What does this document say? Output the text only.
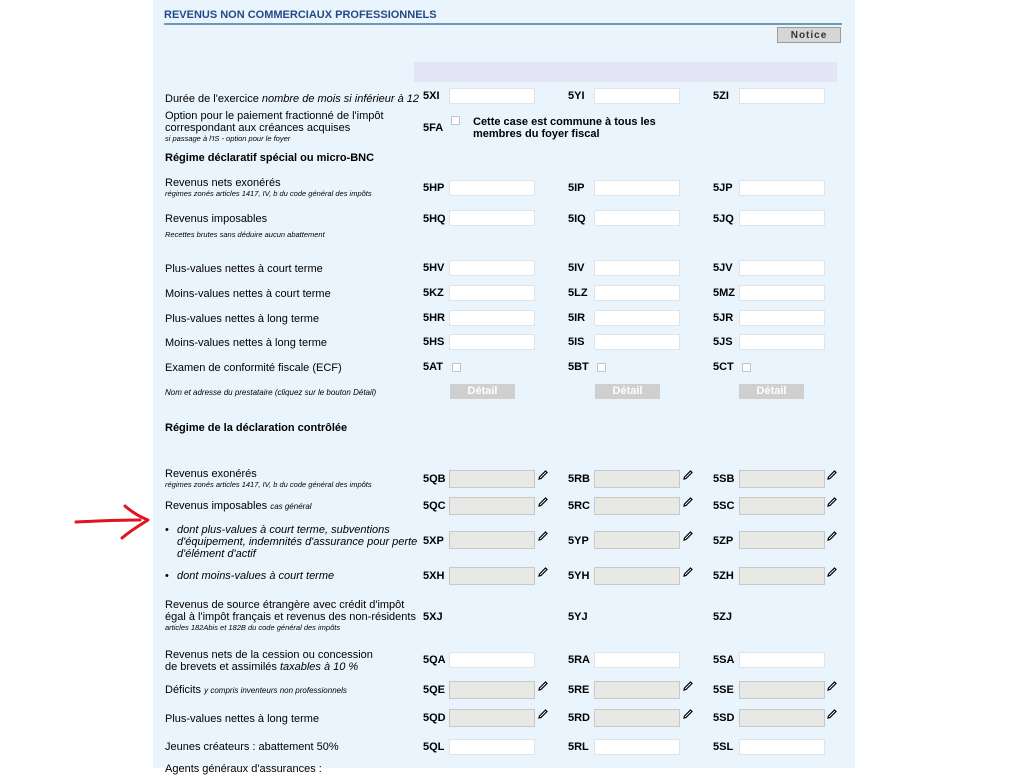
REVENUS NON COMMERCIAUX PROFESSIONNELS
Notice
Durée de l'exercice nombre de mois si inférieur à 12 5XI	5YI	5ZI
Option pour le paiement fractionné de l'impôt correspondant aux créances acquises
si passage à l'IS - option pour le foyer
5FA	Cette case est commune à tous les membres du foyer fiscal
Régime déclaratif spécial ou micro-BNC
Revenus nets exonérés
régimes zonés articles 1417, IV, b du code général des impôts	5HP	5IP	5JP
Revenus imposables
Recettes brutes sans déduire aucun abattement
5HQ	5IQ	5JQ
Plus-values nettes à court terme	5HV	5IV	5JV
Moins-values nettes à court terme	5KZ	5LZ	5MZ
Plus-values nettes à long terme	5HR	5IR	5JR
Moins-values nettes à long terme	5HS	5IS	5JS
Examen de conformité fiscale (ECF)	5AT	5BT	5CT
Nom et adresse du prestataire (cliquez sur le bouton Détail)	Détail	Détail	Détail
Régime de la déclaration contrôlée
Revenus exonérés
régimes zonés articles 1417, IV, b du code général des impôts	5QB	5RB	5SB
Revenus imposables cas général	5QC	5RC	5SC
• dont plus-values à court terme, subventions d'équipement, indemnités d'assurance pour perte d'élément d'actif
5XP	5YP	5ZP
• dont moins-values à court terme	5XH	5YH	5ZH
Revenus de source étrangère avec crédit d'impôt égal à l'impôt français et revenus des non-résidents
articles 182Abis et 182B du code général des impôts
5XJ	5YJ	5ZJ
Revenus nets de la cession ou concession de brevets et assimilés taxables à 10 %
5QA	5RA	5SA
Déficits y compris inventeurs non professionnels	5QE	5RE	5SE
Plus-values nettes à long terme	5QD	5RD	5SD
Jeunes créateurs : abattement 50%	5QL	5RL	5SL
Agents généraux d'assurances :
